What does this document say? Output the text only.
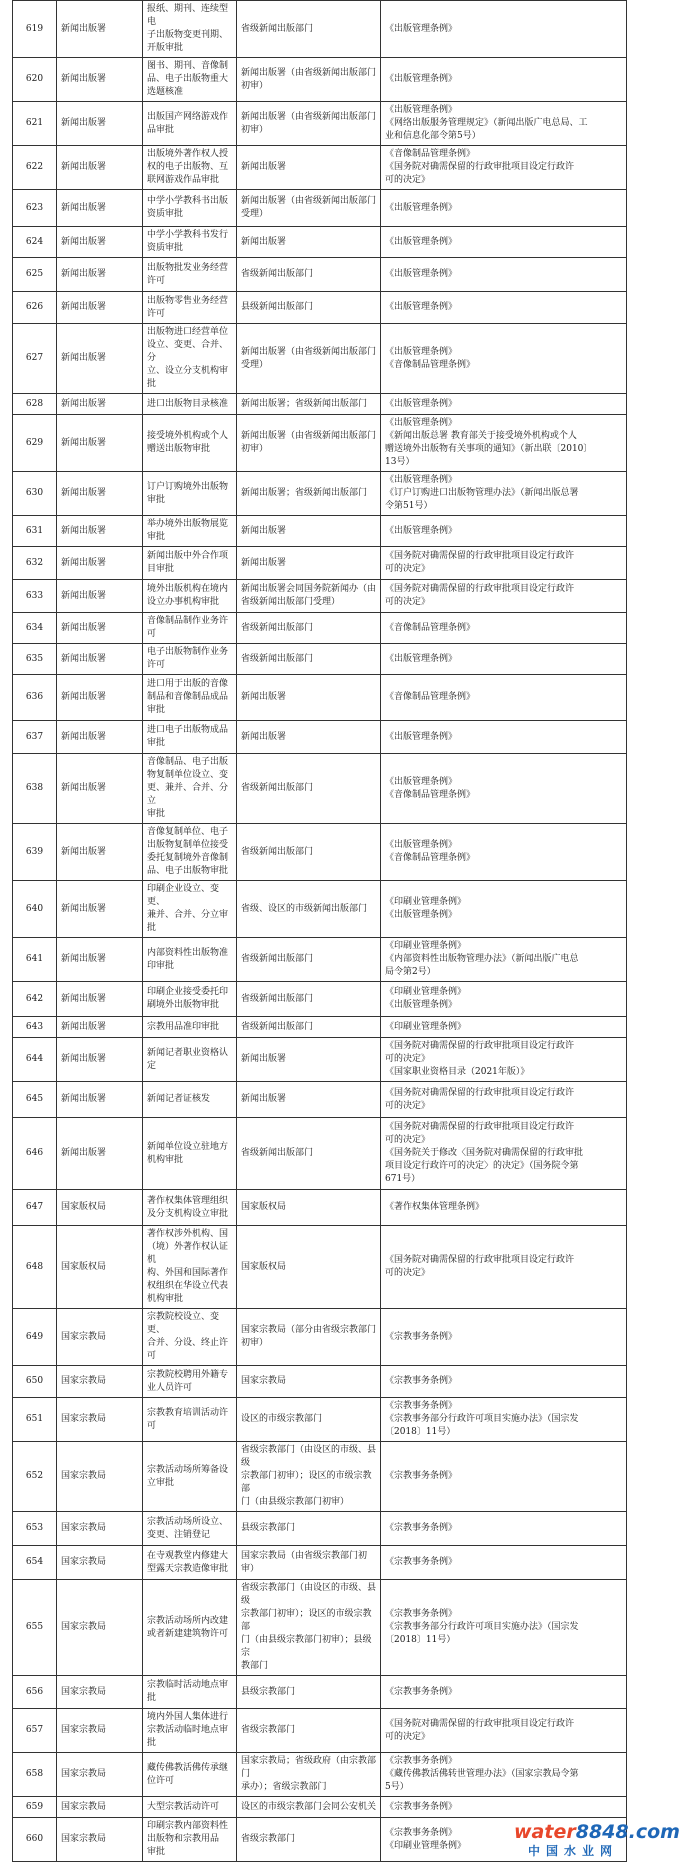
619	新闻出版署	报纸、期刊、连续型电
子出版物变更刊期、
开版审批	省级新闻出版部门	《出版管理条例》

620	新闻出版署	图书、期刊、音像制
品、电子出版物重大
选题核准	新闻出版署（由省级新闻出版部门
初审）	《出版管理条例》

621	新闻出版署	出版国产网络游戏作
品审批	新闻出版署（由省级新闻出版部门
初审）	《出版管理条例》
《网络出版服务管理规定》（新闻出版广电总局、工
业和信息化部令第5号）

622	新闻出版署	出版境外著作权人授
权的电子出版物、互
联网游戏作品审批	新闻出版署	《音像制品管理条例》
《国务院对确需保留的行政审批项目设定行政许
可的决定》

623	新闻出版署	中学小学教科书出版
资质审批	新闻出版署（由省级新闻出版部门
受理）	《出版管理条例》

624	新闻出版署	中学小学教科书发行
资质审批	新闻出版署	《出版管理条例》

625	新闻出版署	出版物批发业务经营
许可	省级新闻出版部门	《出版管理条例》

626	新闻出版署	出版物零售业务经营
许可	县级新闻出版部门	《出版管理条例》

627	新闻出版署	出版物进口经营单位
设立、变更、合并、分
立、设立分支机构审
批	新闻出版署（由省级新闻出版部门
受理）	《出版管理条例》
《音像制品管理条例》

628	新闻出版署	进口出版物目录核准	新闻出版署；省级新闻出版部门	《出版管理条例》

629	新闻出版署	接受境外机构或个人
赠送出版物审批	新闻出版署（由省级新闻出版部门
初审）	《出版管理条例》
《新闻出版总署 教育部关于接受境外机构或个人
赠送境外出版物有关事项的通知》（新出联〔2010〕
13号）

630	新闻出版署	订户订购境外出版物
审批	新闻出版署；省级新闻出版部门	《出版管理条例》
《订户订购进口出版物管理办法》（新闻出版总署
令第51号）

631	新闻出版署	举办境外出版物展览
审批	新闻出版署	《出版管理条例》

632	新闻出版署	新闻出版中外合作项
目审批	新闻出版署	《国务院对确需保留的行政审批项目设定行政许
可的决定》

633	新闻出版署	境外出版机构在境内
设立办事机构审批	新闻出版署会同国务院新闻办（由
省级新闻出版部门受理）	《国务院对确需保留的行政审批项目设定行政许
可的决定》

634	新闻出版署	音像制品制作业务许
可	省级新闻出版部门	《音像制品管理条例》

635	新闻出版署	电子出版物制作业务
许可	省级新闻出版部门	《出版管理条例》

636	新闻出版署	进口用于出版的音像
制品和音像制品成品
审批	新闻出版署	《音像制品管理条例》

637	新闻出版署	进口电子出版物成品
审批	新闻出版署	《出版管理条例》

638	新闻出版署	音像制品、电子出版
物复制单位设立、变
更、兼并、合并、分立
审批	省级新闻出版部门	《出版管理条例》
《音像制品管理条例》

639	新闻出版署	音像复制单位、电子
出版物复制单位接受
委托复制境外音像制
品、电子出版物审批	省级新闻出版部门	《出版管理条例》
《音像制品管理条例》

640	新闻出版署	印刷企业设立、变更、
兼并、合并、分立审批	省级、设区的市级新闻出版部门	《印刷业管理条例》
《出版管理条例》

641	新闻出版署	内部资料性出版物准
印审批	省级新闻出版部门	《印刷业管理条例》
《内部资料性出版物管理办法》（新闻出版广电总
局令第2号）

642	新闻出版署	印刷企业接受委托印
刷境外出版物审批	省级新闻出版部门	《印刷业管理条例》
《出版管理条例》

643	新闻出版署	宗教用品准印审批	省级新闻出版部门	《印刷业管理条例》

644	新闻出版署	新闻记者职业资格认
定	新闻出版署	《国务院对确需保留的行政审批项目设定行政许
可的决定》
《国家职业资格目录（2021年版）》

645	新闻出版署	新闻记者证核发	新闻出版署	《国务院对确需保留的行政审批项目设定行政许
可的决定》

646	新闻出版署	新闻单位设立驻地方
机构审批	省级新闻出版部门	《国务院对确需保留的行政审批项目设定行政许
可的决定》
《国务院关于修改〈国务院对确需保留的行政审批
项目设定行政许可的决定〉的决定》（国务院令第
671号）

647	国家版权局	著作权集体管理组织
及分支机构设立审批	国家版权局	《著作权集体管理条例》

648	国家版权局	著作权涉外机构、国
（境）外著作权认证机
构、外国和国际著作
权组织在华设立代表
机构审批	国家版权局	《国务院对确需保留的行政审批项目设定行政许
可的决定》

649	国家宗教局	宗教院校设立、变更、
合并、分设、终止许可	国家宗教局（部分由省级宗教部门
初审）	《宗教事务条例》

650	国家宗教局	宗教院校聘用外籍专
业人员许可	国家宗教局	《宗教事务条例》

651	国家宗教局	宗教教育培训活动许
可	设区的市级宗教部门	《宗教事务条例》
《宗教事务部分行政许可项目实施办法》（国宗发
〔2018〕11号）

652	国家宗教局	宗教活动场所筹备设
立审批	省级宗教部门（由设区的市级、县级
宗教部门初审）；设区的市级宗教部
门（由县级宗教部门初审）	《宗教事务条例》

653	国家宗教局	宗教活动场所设立、
变更、注销登记	县级宗教部门	《宗教事务条例》

654	国家宗教局	在寺观教堂内修建大
型露天宗教造像审批	国家宗教局（由省级宗教部门初审）	《宗教事务条例》

655	国家宗教局	宗教活动场所内改建
或者新建建筑物许可	省级宗教部门（由设区的市级、县级
宗教部门初审）；设区的市级宗教部
门（由县级宗教部门初审）；县级宗
教部门	《宗教事务条例》
《宗教事务部分行政许可项目实施办法》（国宗发
〔2018〕11号）

656	国家宗教局	宗教临时活动地点审
批	县级宗教部门	《宗教事务条例》

657	国家宗教局	境内外国人集体进行
宗教活动临时地点审
批	省级宗教部门	《国务院对确需保留的行政审批项目设定行政许
可的决定》

658	国家宗教局	藏传佛教活佛传承继
位许可	国家宗教局；省级政府（由宗教部门
承办）；省级宗教部门	《宗教事务条例》
《藏传佛教活佛转世管理办法》（国家宗教局令第
5号）

659	国家宗教局	大型宗教活动许可	设区的市级宗教部门会同公安机关	《宗教事务条例》

660	国家宗教局	印刷宗教内部资料性
出版物和宗教用品
审批	省级宗教部门	《宗教事务条例》
《印刷业管理条例》
water8848.com
中国水业网
